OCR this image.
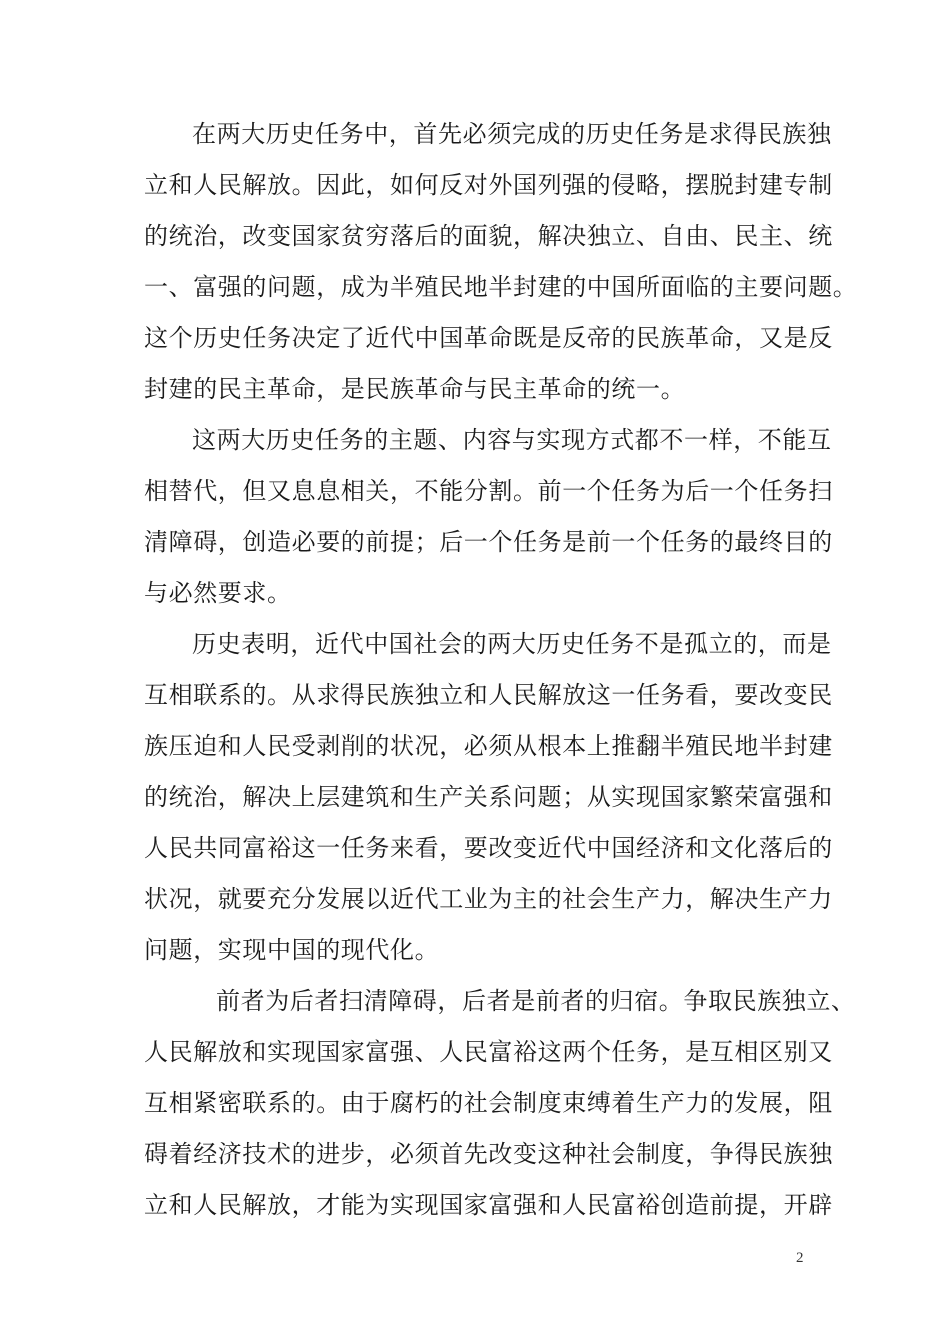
在两大历史任务中，首先必须完成的历史任务是求得民族独
立和人民解放。因此，如何反对外国列强的侵略，摆脱封建专制
的统治，改变国家贫穷落后的面貌，解决独立、自由、民主、统
一、富强的问题，成为半殖民地半封建的中国所面临的主要问题。
这个历史任务决定了近代中国革命既是反帝的民族革命，又是反
封建的民主革命，是民族革命与民主革命的统一。
这两大历史任务的主题、内容与实现方式都不一样，不能互
相替代，但又息息相关，不能分割。前一个任务为后一个任务扫
清障碍，创造必要的前提；后一个任务是前一个任务的最终目的
与必然要求。
历史表明，近代中国社会的两大历史任务不是孤立的，而是
互相联系的。从求得民族独立和人民解放这一任务看，要改变民
族压迫和人民受剥削的状况，必须从根本上推翻半殖民地半封建
的统治，解决上层建筑和生产关系问题；从实现国家繁荣富强和
人民共同富裕这一任务来看，要改变近代中国经济和文化落后的
状况，就要充分发展以近代工业为主的社会生产力，解决生产力
问题，实现中国的现代化。
前者为后者扫清障碍，后者是前者的归宿。争取民族独立、
人民解放和实现国家富强、人民富裕这两个任务，是互相区别又
互相紧密联系的。由于腐朽的社会制度束缚着生产力的发展，阻
碍着经济技术的进步，必须首先改变这种社会制度，争得民族独
立和人民解放，才能为实现国家富强和人民富裕创造前提，开辟
2
